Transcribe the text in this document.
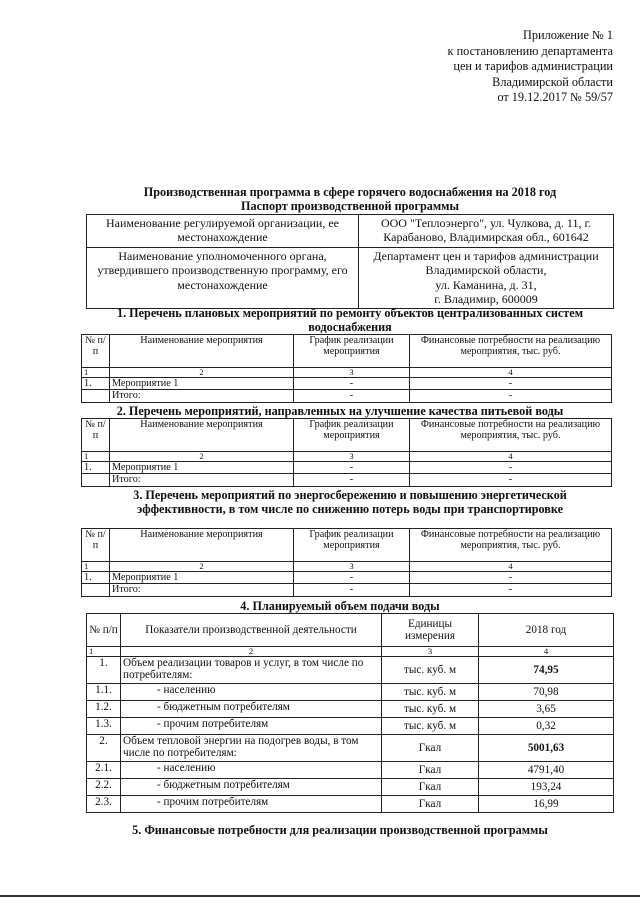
Приложение № 1
к постановлению департамента
цен и тарифов администрации
Владимирской области
от 19.12.2017 № 59/57
Производственная программа в сфере горячего водоснабжения на 2018 год
Паспорт производственной программы
Наименование регулируемой организации, ее местонахождение	ООО "Теплоэнерго", ул. Чулкова, д. 11, г. Карабаново, Владимирская обл., 601642
Наименование уполномоченного органа, утвердившего производственную программу, его местонахождение	Департамент цен и тарифов администрации
Владимирской области,
ул. Каманина, д. 31,
г. Владимир, 600009
1. Перечень плановых мероприятий по ремонту объектов централизованных систем
водоснабжения
№ п/п	Наименование мероприятия	График реализации мероприятия	Финансовые потребности на реализацию мероприятия, тыс. руб.
1	2	3	4
1.	Мероприятие 1	-	-
	Итого:	-	-
2. Перечень мероприятий, направленных на улучшение качества питьевой воды
№ п/п	Наименование мероприятия	График реализации мероприятия	Финансовые потребности на реализацию мероприятия, тыс. руб.
1	2	3	4
1.	Мероприятие 1	-	-
	Итого:	-	-
3. Перечень мероприятий по энергосбережению и повышению энергетической
эффективности, в том числе по снижению потерь воды при транспортировке
№ п/п	Наименование мероприятия	График реализации мероприятия	Финансовые потребности на реализацию мероприятия, тыс. руб.
1	2	3	4
1.	Мероприятие 1	-	-
	Итого:	-	-
4. Планируемый объем подачи воды
№ п/п	Показатели производственной деятельности	Единицы измерения	2018 год
1	2	3	4
1.	Объем реализации товаров и услуг, в том числе по потребителям:	тыс. куб. м	74,95
1.1.	- населению	тыс. куб. м	70,98
1.2.	- бюджетным потребителям	тыс. куб. м	3,65
1.3.	- прочим потребителям	тыс. куб. м	0,32
2.	Объем тепловой энергии на подогрев воды, в том числе по потребителям:	Гкал	5001,63
2.1.	- населению	Гкал	4791,40
2.2.	- бюджетным потребителям	Гкал	193,24
2.3.	- прочим потребителям	Гкал	16,99
5. Финансовые потребности для реализации производственной программы
